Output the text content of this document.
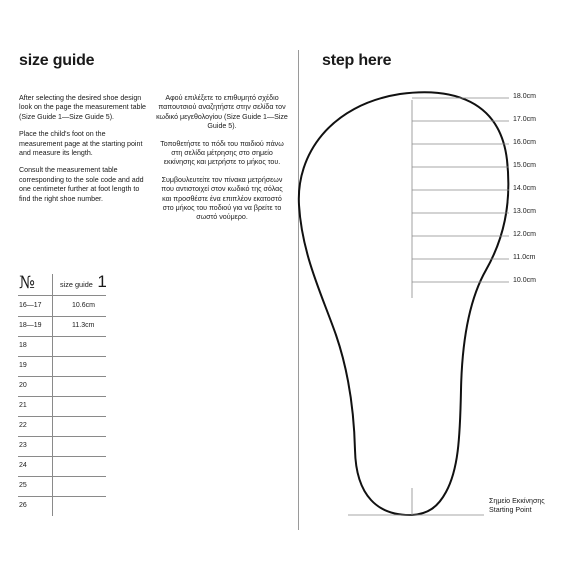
size guide

After selecting the desired shoe design look on the page the measurement table (Size Guide 1—Size Guide 5).

Place the child's foot on the measurement page at the starting point and measure its length.

Consult the measurement table corresponding to the sole code and add one centimeter further at foot length to find the right shoe number.

Αφού επιλέξετε το επιθυμητό σχέδιο παπουτσιού αναζητήστε στην σελίδα τον κωδικό μεγεθολογίου (Size Guide 1—Size Guide 5).

Τοποθετήστε το πόδι του παιδιού πάνω στη σελίδα μέτρησης στο σημείο εκκίνησης και μετρήστε το μήκος του.

Συμβουλευτείτε τον πίνακα μετρήσεων που αντιστοιχεί στον κωδικό της σόλας και προσθέστε ένα επιπλέον εκατοστό στο μήκος του ποδιού για να βρείτε το σωστό νούμερο.

№	size guide 1
16—17	10.6cm
18—19	11.3cm
18
19
20
21
22
23
24
25
26
step here
18.0cm
17.0cm
16.0cm
15.0cm
14.0cm
13.0cm
12.0cm
11.0cm
10.0cm
Σημείο Εκκίνησης
Starting Point
